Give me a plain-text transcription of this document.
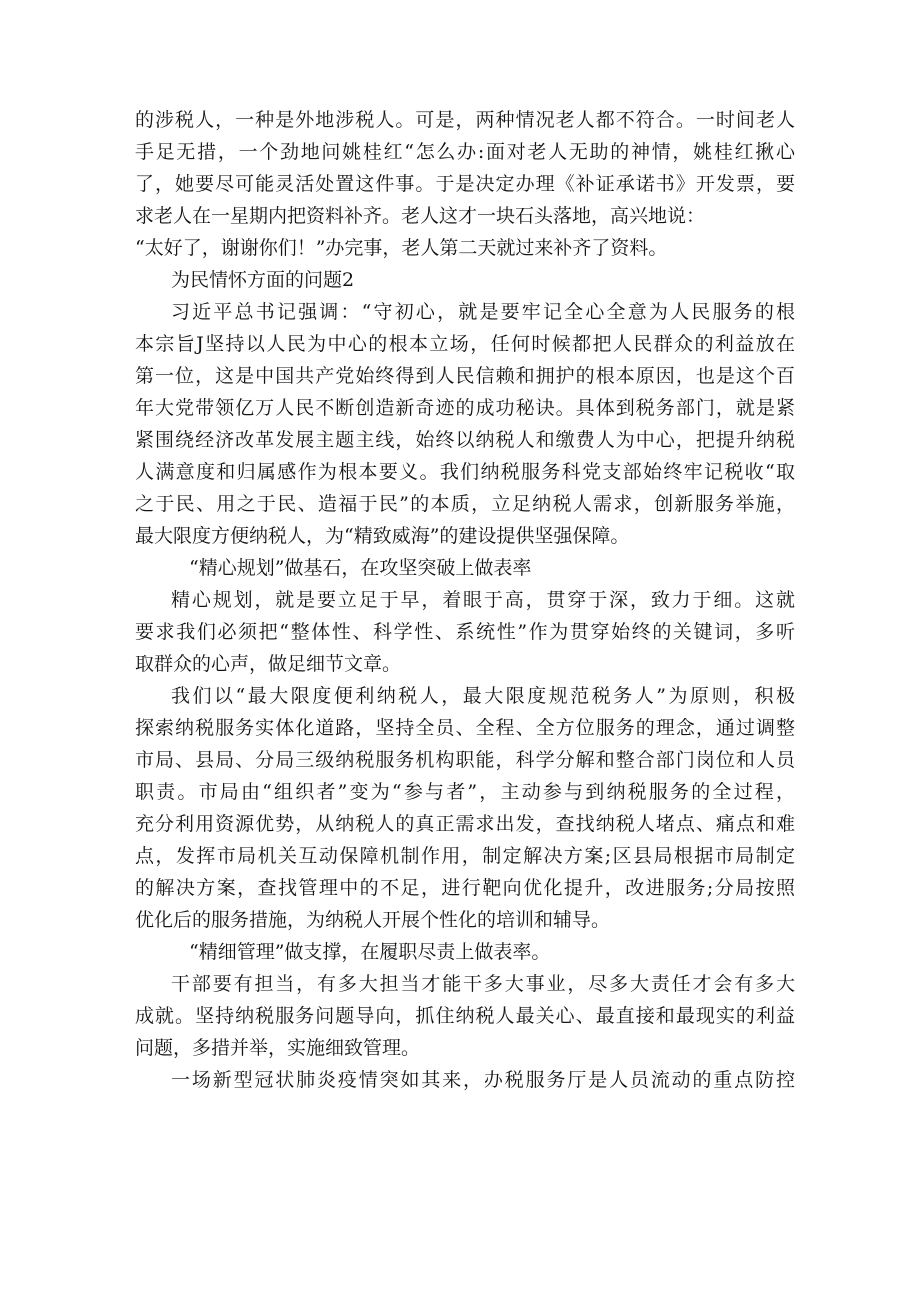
的涉税人，一种是外地涉税人。可是，两种情况老人都不符合。一时间老人
手足无措，一个劲地问姚桂红“怎么办:面对老人无助的神情，姚桂红揪心
了，她要尽可能灵活处置这件事。于是决定办理《补证承诺书》开发票，要
求老人在一星期内把资料补齐。老人这才一块石头落地，高兴地说：
“太好了，谢谢你们！”办完事，老人第二天就过来补齐了资料。
为民情怀方面的问题2
习近平总书记强调：“守初心，就是要牢记全心全意为人民服务的根
本宗旨J坚持以人民为中心的根本立场，任何时候都把人民群众的利益放在
第一位，这是中国共产党始终得到人民信赖和拥护的根本原因，也是这个百
年大党带领亿万人民不断创造新奇迹的成功秘诀。具体到税务部门，就是紧
紧围绕经济改革发展主题主线，始终以纳税人和缴费人为中心，把提升纳税
人满意度和归属感作为根本要义。我们纳税服务科党支部始终牢记税收“取
之于民、用之于民、造福于民”的本质，立足纳税人需求，创新服务举施，
最大限度方便纳税人，为“精致威海”的建设提供坚强保障。
“精心规划”做基石，在攻坚突破上做表率
精心规划，就是要立足于早，着眼于高，贯穿于深，致力于细。这就
要求我们必须把“整体性、科学性、系统性”作为贯穿始终的关键词，多听
取群众的心声，做足细节文章。
我们以“最大限度便利纳税人，最大限度规范税务人”为原则，积极
探索纳税服务实体化道路，坚持全员、全程、全方位服务的理念，通过调整
市局、县局、分局三级纳税服务机构职能，科学分解和整合部门岗位和人员
职责。市局由“组织者”变为“参与者”，主动参与到纳税服务的全过程，
充分利用资源优势，从纳税人的真正需求出发，查找纳税人堵点、痛点和难
点，发挥市局机关互动保障机制作用，制定解决方案;区县局根据市局制定
的解决方案，查找管理中的不足，进行靶向优化提升，改进服务;分局按照
优化后的服务措施，为纳税人开展个性化的培训和辅导。
“精细管理”做支撑，在履职尽责上做表率。
干部要有担当，有多大担当才能干多大事业，尽多大责任才会有多大
成就。坚持纳税服务问题导向，抓住纳税人最关心、最直接和最现实的利益
问题，多措并举，实施细致管理。
一场新型冠状肺炎疫情突如其来，办税服务厅是人员流动的重点防控
